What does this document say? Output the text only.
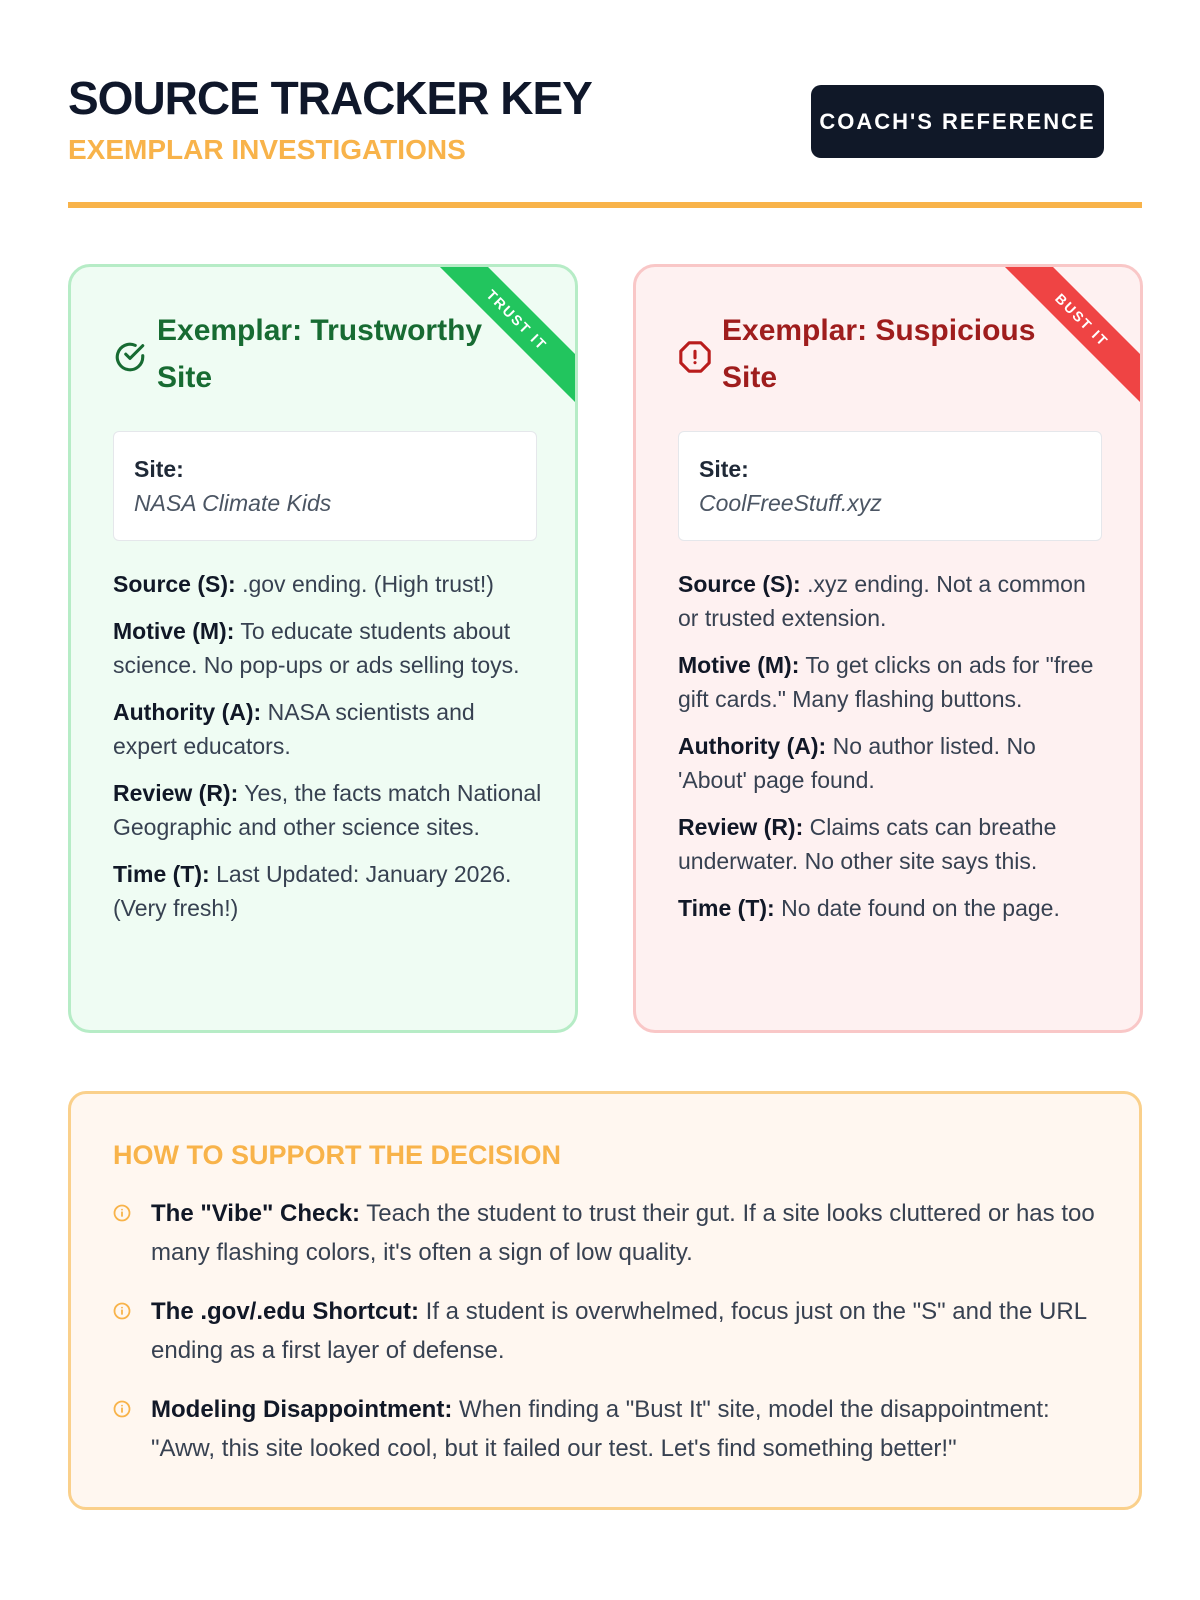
SOURCE TRACKER KEY
EXEMPLAR INVESTIGATIONS
COACH'S REFERENCE
TRUST IT
Exemplar: Trustworthy Site
Site:
NASA Climate Kids
Source (S): .gov ending. (High trust!)
Motive (M): To educate students about science. No pop-ups or ads selling toys.
Authority (A): NASA scientists and expert educators.
Review (R): Yes, the facts match National Geographic and other science sites.
Time (T): Last Updated: January 2026. (Very fresh!)
BUST IT
Exemplar: Suspicious Site
Site:
CoolFreeStuff.xyz
Source (S): .xyz ending. Not a common or trusted extension.
Motive (M): To get clicks on ads for "free gift cards." Many flashing buttons.
Authority (A): No author listed. No 'About' page found.
Review (R): Claims cats can breathe underwater. No other site says this.
Time (T): No date found on the page.
HOW TO SUPPORT THE DECISION
The "Vibe" Check: Teach the student to trust their gut. If a site looks cluttered or has too many flashing colors, it's often a sign of low quality.
The .gov/.edu Shortcut: If a student is overwhelmed, focus just on the "S" and the URL ending as a first layer of defense.
Modeling Disappointment: When finding a "Bust It" site, model the disappointment: "Aww, this site looked cool, but it failed our test. Let's find something better!"
